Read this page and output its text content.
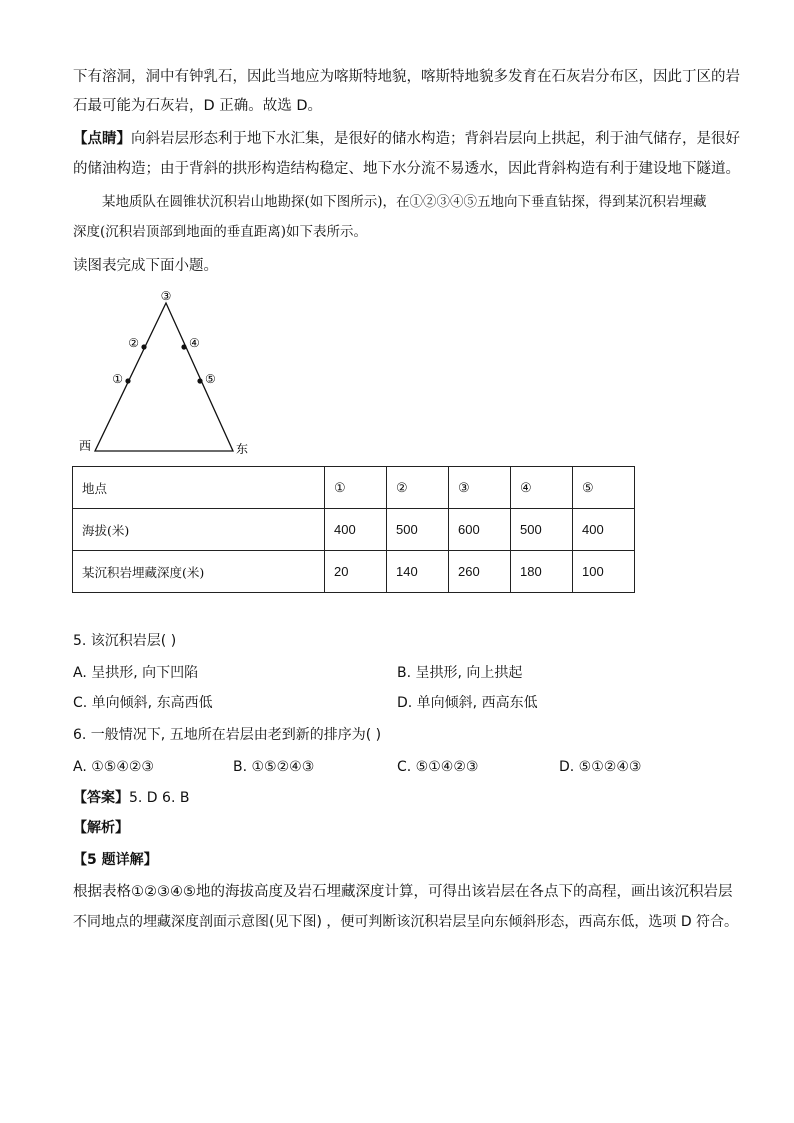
下有溶洞，洞中有钟乳石，因此当地应为喀斯特地貌，喀斯特地貌多发育在石灰岩分布区，因此丁区的岩
石最可能为石灰岩，D 正确。故选 D。
【点睛】向斜岩层形态利于地下水汇集，是很好的储水构造；背斜岩层向上拱起，利于油气储存，是很好
的储油构造；由于背斜的拱形构造结构稳定、地下水分流不易透水，因此背斜构造有利于建设地下隧道。
某地质队在圆锥状沉积岩山地勘探(如下图所示)，在①②③④⑤五地向下垂直钻探，得到某沉积岩埋藏
深度(沉积岩顶部到地面的垂直距离)如下表所示。
读图表完成下面小题。
③
②	④
①	⑤
西	东
地点	①	②	③	④	⑤
海拔(米)	400	500	600	500	400
某沉积岩埋藏深度(米)	20	140	260	180	100
5. 该沉积岩层( )
A. 呈拱形, 向下凹陷	B. 呈拱形, 向上拱起
C. 单向倾斜, 东高西低	D. 单向倾斜, 西高东低
6. 一般情况下, 五地所在岩层由老到新的排序为( )
A. ①⑤④②③	B. ①⑤②④③	C. ⑤①④②③	D. ⑤①②④③
【答案】5. D 6. B
【解析】
【5 题详解】
根据表格①②③④⑤地的海拔高度及岩石埋藏深度计算，可得出该岩层在各点下的高程，画出该沉积岩层
不同地点的埋藏深度剖面示意图(见下图) ，便可判断该沉积岩层呈向东倾斜形态，西高东低，选项 D 符合。
